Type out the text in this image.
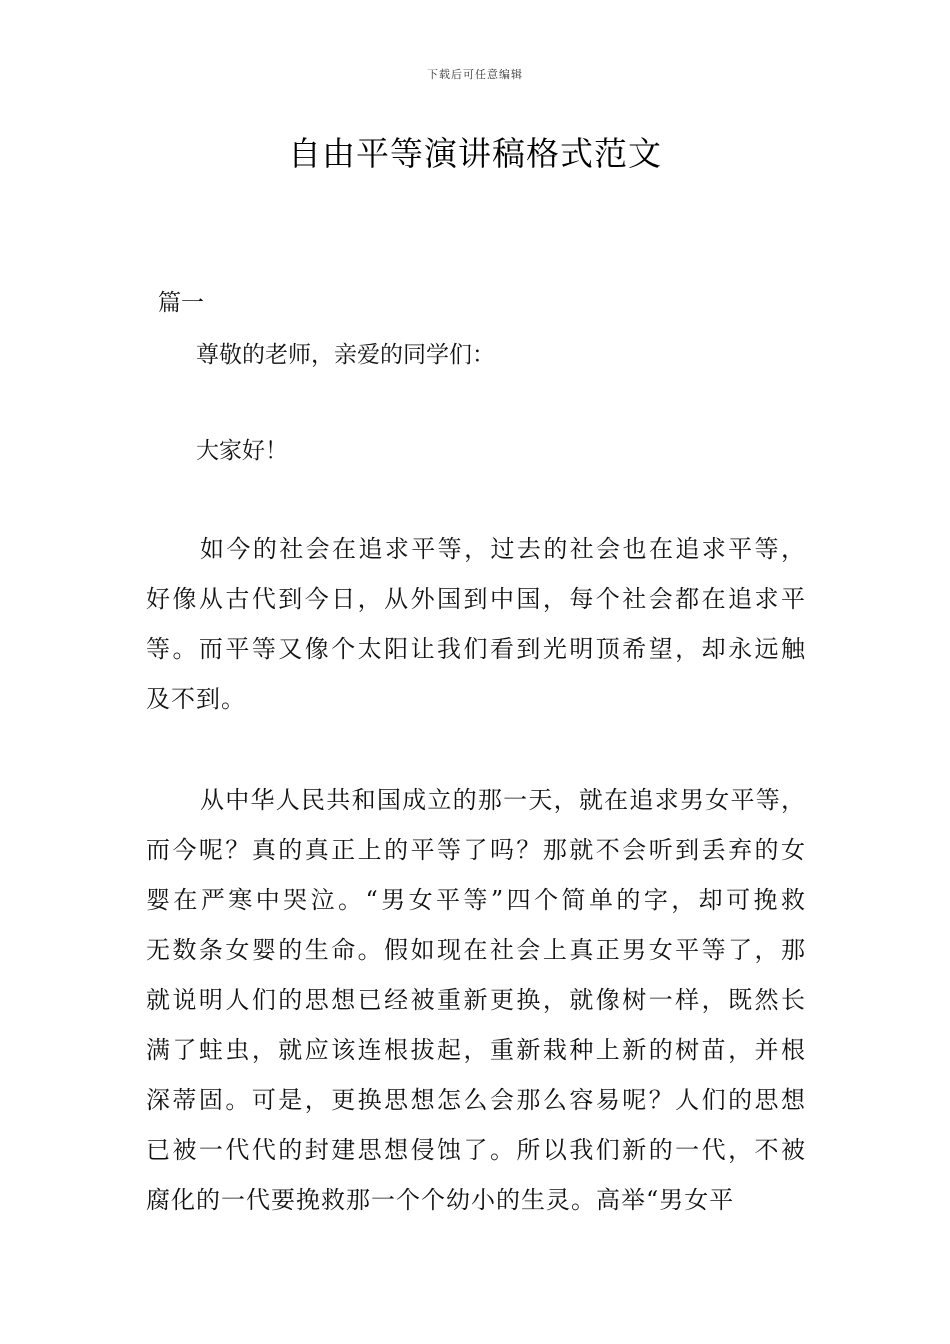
下载后可任意编辑
自由平等演讲稿格式范文
篇一
尊敬的老师，亲爱的同学们：
大家好！
如今的社会在追求平等，过去的社会也在追求平等，
好像从古代到今日，从外国到中国，每个社会都在追求平
等。而平等又像个太阳让我们看到光明顶希望，却永远触
及不到。
从中华人民共和国成立的那一天，就在追求男女平等，
而今呢？真的真正上的平等了吗？那就不会听到丢弃的女
婴在严寒中哭泣。“男女平等”四个简单的字，却可挽救
无数条女婴的生命。假如现在社会上真正男女平等了，那
就说明人们的思想已经被重新更换，就像树一样，既然长
满了蛀虫，就应该连根拔起，重新栽种上新的树苗，并根
深蒂固。可是，更换思想怎么会那么容易呢？人们的思想
已被一代代的封建思想侵蚀了。所以我们新的一代，不被
腐化的一代要挽救那一个个幼小的生灵。高举“男女平
